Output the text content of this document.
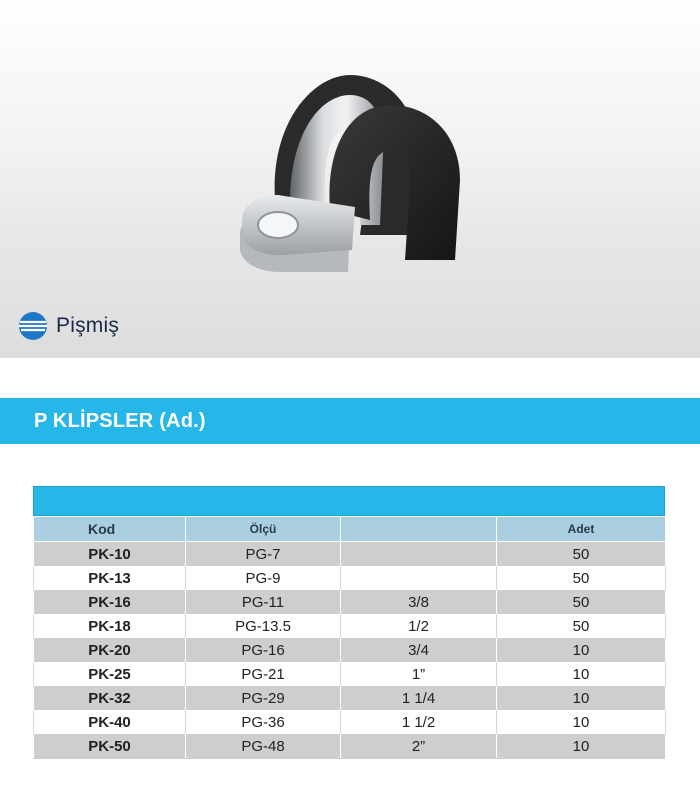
Pişmiş
P KLİPSLER (Ad.)
Kod	Ölçü		Adet
PK-10	PG-7		50
PK-13	PG-9		50
PK-16	PG-11	3/8	50
PK-18	PG-13.5	1/2	50
PK-20	PG-16	3/4	10
PK-25	PG-21	1”	10
PK-32	PG-29	1 1/4	10
PK-40	PG-36	1 1/2	10
PK-50	PG-48	2”	10
